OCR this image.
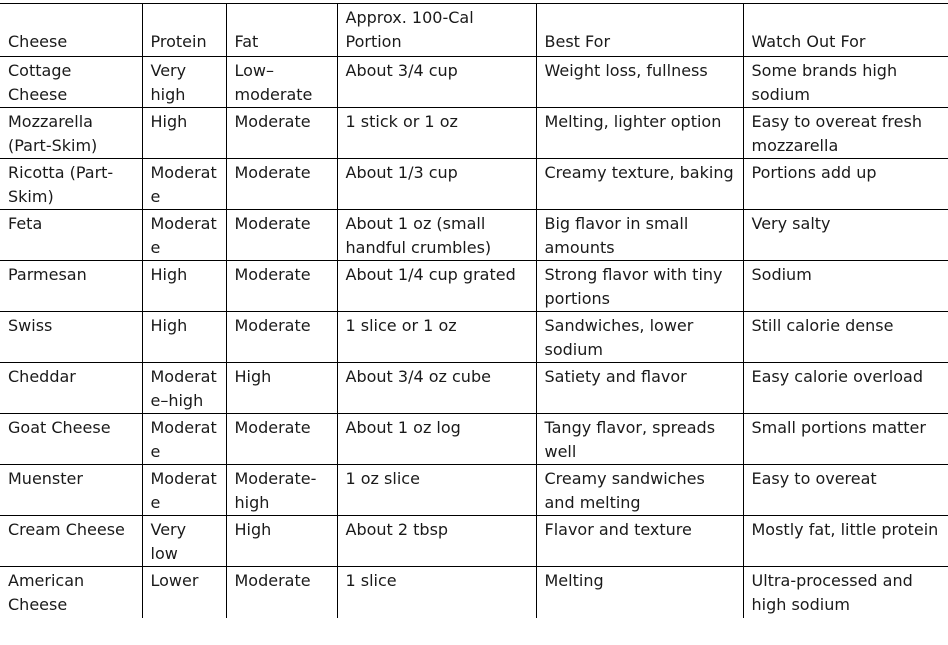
Cheese	Protein	Fat	Approx. 100-Cal Portion	Best For	Watch Out For
Cottage Cheese	Very high	Low–moderate	About 3/4 cup	Weight loss, fullness	Some brands high sodium
Mozzarella (Part-Skim)	High	Moderate	1 stick or 1 oz	Melting, lighter option	Easy to overeat fresh mozzarella
Ricotta (Part-Skim)	Moderate	Moderate	About 1/3 cup	Creamy texture, baking	Portions add up
Feta	Moderate	Moderate	About 1 oz (small handful crumbles)	Big flavor in small amounts	Very salty
Parmesan	High	Moderate	About 1/4 cup grated	Strong flavor with tiny portions	Sodium
Swiss	High	Moderate	1 slice or 1 oz	Sandwiches, lower sodium	Still calorie dense
Cheddar	Moderate–high	High	About 3/4 oz cube	Satiety and flavor	Easy calorie overload
Goat Cheese	Moderate	Moderate	About 1 oz log	Tangy flavor, spreads well	Small portions matter
Muenster	Moderate	Moderate-high	1 oz slice	Creamy sandwiches and melting	Easy to overeat
Cream Cheese	Very low	High	About 2 tbsp	Flavor and texture	Mostly fat, little protein
American Cheese	Lower	Moderate	1 slice	Melting	Ultra-processed and high sodium
